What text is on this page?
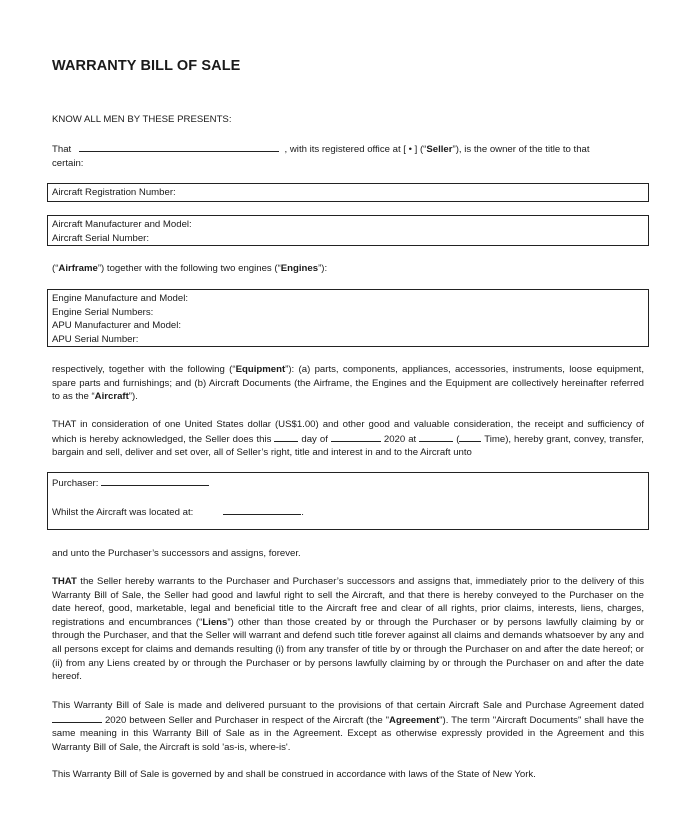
WARRANTY BILL OF SALE

KNOW ALL MEN BY THESE PRESENTS:

That	, with its registered office at [ • ] (“Seller”), is the owner of the title to that
certain:

Aircraft Registration Number:
Aircraft Manufacturer and Model:
Aircraft Serial Number:

(“Airframe”) together with the following two engines (“Engines”):

Engine Manufacture and Model:
Engine Serial Numbers:
APU Manufacturer and Model:
APU Serial Number:

respectively, together with the following (“Equipment”): (a) parts, components, appliances, accessories, instruments, loose equipment, spare parts and furnishings; and (b) Aircraft Documents (the Airframe, the Engines and the Equipment are collectively hereinafter referred to as the “Aircraft”).

THAT in consideration of one United States dollar (US$1.00) and other good and valuable consideration, the receipt and sufficiency of which is hereby acknowledged, the Seller does this	day of	2020 at	(	Time), hereby grant, convey, transfer, bargain and sell, deliver and set over, all of Seller’s right, title and interest in and to the Aircraft unto

Purchaser:
Whilst the Aircraft was located at:	.

and unto the Purchaser’s successors and assigns, forever.

THAT the Seller hereby warrants to the Purchaser and Purchaser’s successors and assigns that, immediately prior to the delivery of this Warranty Bill of Sale, the Seller had good and lawful right to sell the Aircraft, and that there is hereby conveyed to the Purchaser on the date hereof, good, marketable, legal and beneficial title to the Aircraft free and clear of all rights, prior claims, interests, liens, charges, registrations and encumbrances (“Liens”) other than those created by or through the Purchaser or by persons lawfully claiming by or through the Purchaser, and that the Seller will warrant and defend such title forever against all claims and demands whatsoever by any and all persons except for claims and demands resulting (i) from any transfer of title by or through the Purchaser on and after the date hereof; or (ii) from any Liens created by or through the Purchaser or by persons lawfully claiming by or through the Purchaser on and after the date hereof.

This Warranty Bill of Sale is made and delivered pursuant to the provisions of that certain Aircraft Sale and Purchase Agreement dated  2020 between Seller and Purchaser in respect of the Aircraft (the "Agreement"). The term "Aircraft Documents" shall have the same meaning in this Warranty Bill of Sale as in the Agreement. Except as otherwise expressly provided in the Agreement and this Warranty Bill of Sale, the Aircraft is sold 'as-is, where-is'.

This Warranty Bill of Sale is governed by and shall be construed in accordance with laws of the State of New York.
